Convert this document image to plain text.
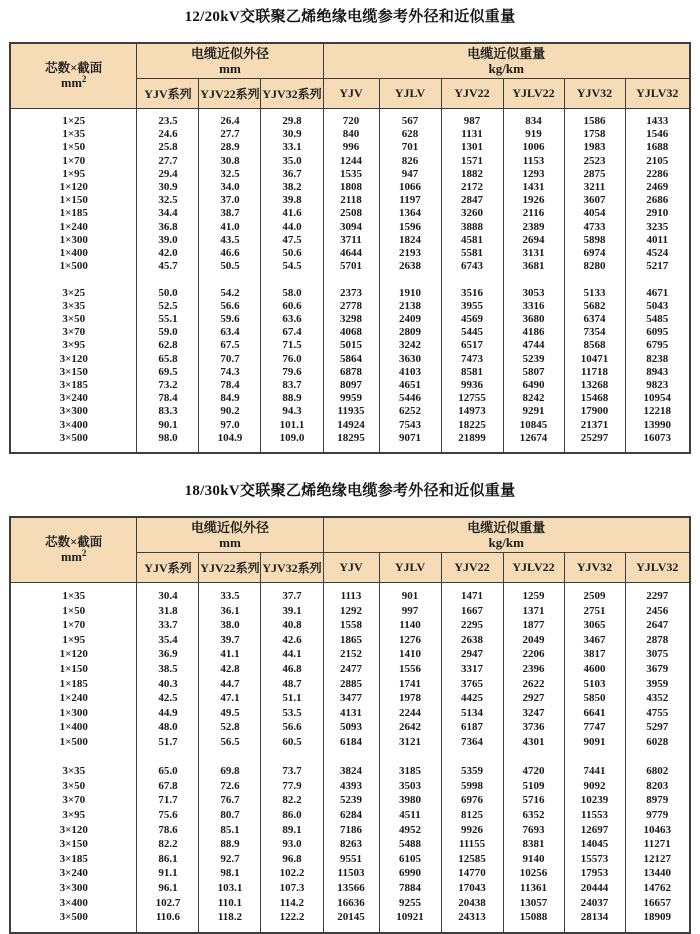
12/20kV交联聚乙烯绝缘电缆参考外径和近似重量
芯数×截面
$mm^2$

电缆近似外径
mm

电缆近似重量
kg/km

	YJV系列	YJV22系列	YJV32系列	YJV	YJLV	YJV22	YJLV22	YJV32	YJLV32
1×25	23.5	26.4	29.8	720	567	987	834	1586	1433
1×35	24.6	27.7	30.9	840	628	1131	919	1758	1546
1×50	25.8	28.9	33.1	996	701	1301	1006	1983	1688
1×70	27.7	30.8	35.0	1244	826	1571	1153	2523	2105
1×95	29.4	32.5	36.7	1535	947	1882	1293	2875	2286
1×120	30.9	34.0	38.2	1808	1066	2172	1431	3211	2469
1×150	32.5	37.0	39.8	2118	1197	2847	1926	3607	2686
1×185	34.4	38.7	41.6	2508	1364	3260	2116	4054	2910
1×240	36.8	41.0	44.0	3094	1596	3888	2389	4733	3235
1×300	39.0	43.5	47.5	3711	1824	4581	2694	5898	4011
1×400	42.0	46.6	50.6	4644	2193	5581	3131	6974	4524
1×500	45.7	50.5	54.5	5701	2638	6743	3681	8280	5217

3×25	50.0	54.2	58.0	2373	1910	3516	3053	5133	4671
3×35	52.5	56.6	60.6	2778	2138	3955	3316	5682	5043
3×50	55.1	59.6	63.6	3298	2409	4569	3680	6374	5485
3×70	59.0	63.4	67.4	4068	2809	5445	4186	7354	6095
3×95	62.8	67.5	71.5	5015	3242	6517	4744	8568	6795
3×120	65.8	70.7	76.0	5864	3630	7473	5239	10471	8238
3×150	69.5	74.3	79.6	6878	4103	8581	5807	11718	8943
3×185	73.2	78.4	83.7	8097	4651	9936	6490	13268	9823
3×240	78.4	84.9	88.9	9959	5446	12755	8242	15468	10954
3×300	83.3	90.2	94.3	11935	6252	14973	9291	17900	12218
3×400	90.1	97.0	101.1	14924	7543	18225	10845	21371	13990
3×500	98.0	104.9	109.0	18295	9071	21899	12674	25297	16073
18/30kV交联聚乙烯绝缘电缆参考外径和近似重量
芯数×截面
$mm^2$

电缆近似外径
mm

电缆近似重量
kg/km

	YJV系列	YJV22系列	YJV32系列	YJV	YJLV	YJV22	YJLV22	YJV32	YJLV32
1×35	30.4	33.5	37.7	1113	901	1471	1259	2509	2297
1×50	31.8	36.1	39.1	1292	997	1667	1371	2751	2456
1×70	33.7	38.0	40.8	1558	1140	2295	1877	3065	2647
1×95	35.4	39.7	42.6	1865	1276	2638	2049	3467	2878
1×120	36.9	41.1	44.1	2152	1410	2947	2206	3817	3075
1×150	38.5	42.8	46.8	2477	1556	3317	2396	4600	3679
1×185	40.3	44.7	48.7	2885	1741	3765	2622	5103	3959
1×240	42.5	47.1	51.1	3477	1978	4425	2927	5850	4352
1×300	44.9	49.5	53.5	4131	2244	5134	3247	6641	4755
1×400	48.0	52.8	56.6	5093	2642	6187	3736	7747	5297
1×500	51.7	56.5	60.5	6184	3121	7364	4301	9091	6028

3×35	65.0	69.8	73.7	3824	3185	5359	4720	7441	6802
3×50	67.8	72.6	77.9	4393	3503	5998	5109	9092	8203
3×70	71.7	76.7	82.2	5239	3980	6976	5716	10239	8979
3×95	75.6	80.7	86.0	6284	4511	8125	6352	11553	9779
3×120	78.6	85.1	89.1	7186	4952	9926	7693	12697	10463
3×150	82.2	88.9	93.0	8263	5488	11155	8381	14045	11271
3×185	86.1	92.7	96.8	9551	6105	12585	9140	15573	12127
3×240	91.1	98.1	102.2	11503	6990	14770	10256	17953	13440
3×300	96.1	103.1	107.3	13566	7884	17043	11361	20444	14762
3×400	102.7	110.1	114.2	16636	9255	20438	13057	24037	16657
3×500	110.6	118.2	122.2	20145	10921	24313	15088	28134	18909
